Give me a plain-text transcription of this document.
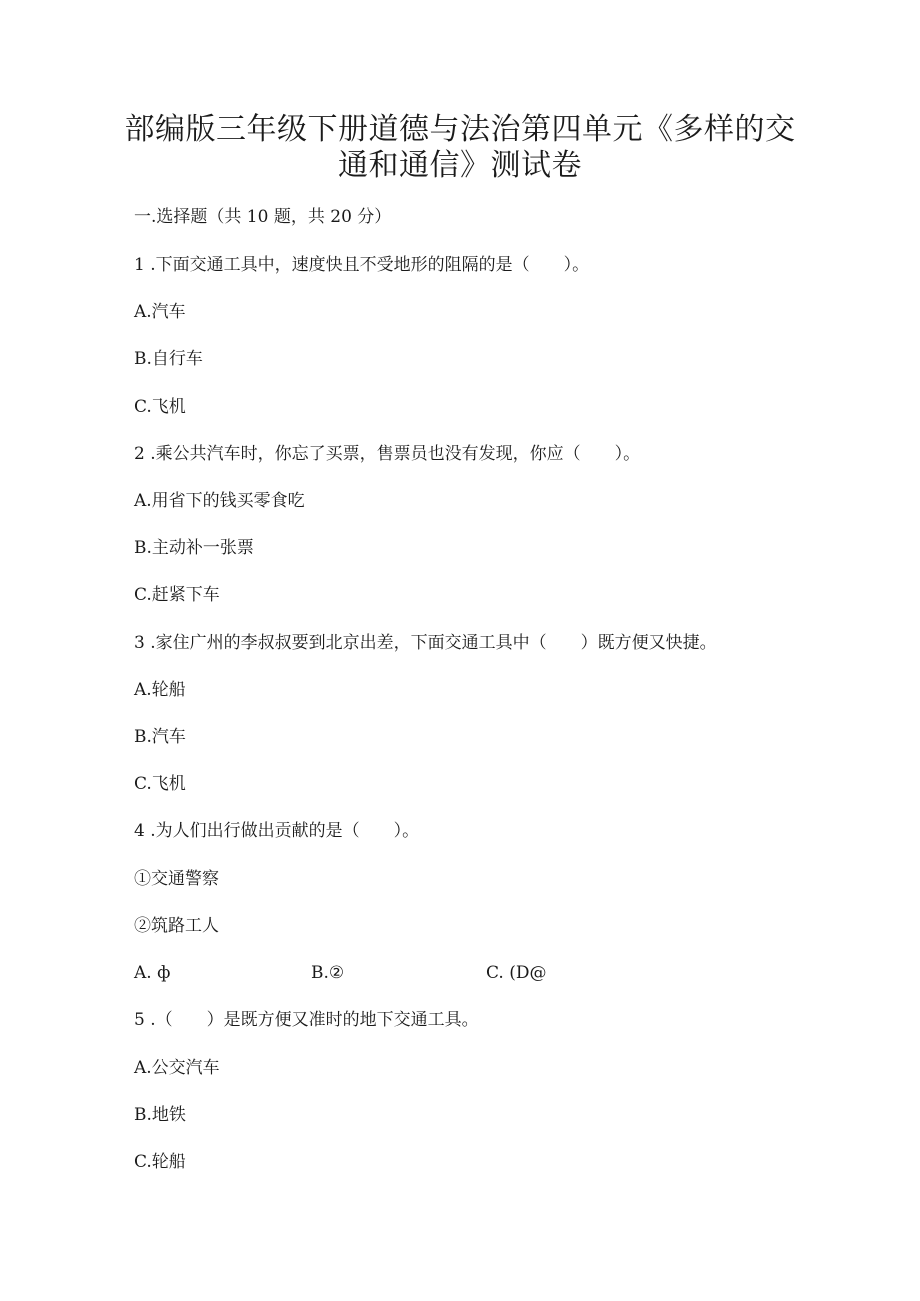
部编版三年级下册道德与法治第四单元《多样的交
通和通信》测试卷
一.选择题（共 10 题，共 20 分）
1 .下面交通工具中，速度快且不受地形的阻隔的是（　　）。
A.汽车
B.自行车
C.飞机
2 .乘公共汽车时，你忘了买票，售票员也没有发现，你应（　　）。
A.用省下的钱买零食吃
B.主动补一张票
C.赶紧下车
3 .家住广州的李叔叔要到北京出差，下面交通工具中（　　）既方便又快捷。
A.轮船
B.汽车
C.飞机
4 .为人们出行做出贡献的是（　　）。
①交通警察
②筑路工人
A. ф	B.②	C. (D@
5 .（　　）是既方便又准时的地下交通工具。
A.公交汽车
B.地铁
C.轮船
